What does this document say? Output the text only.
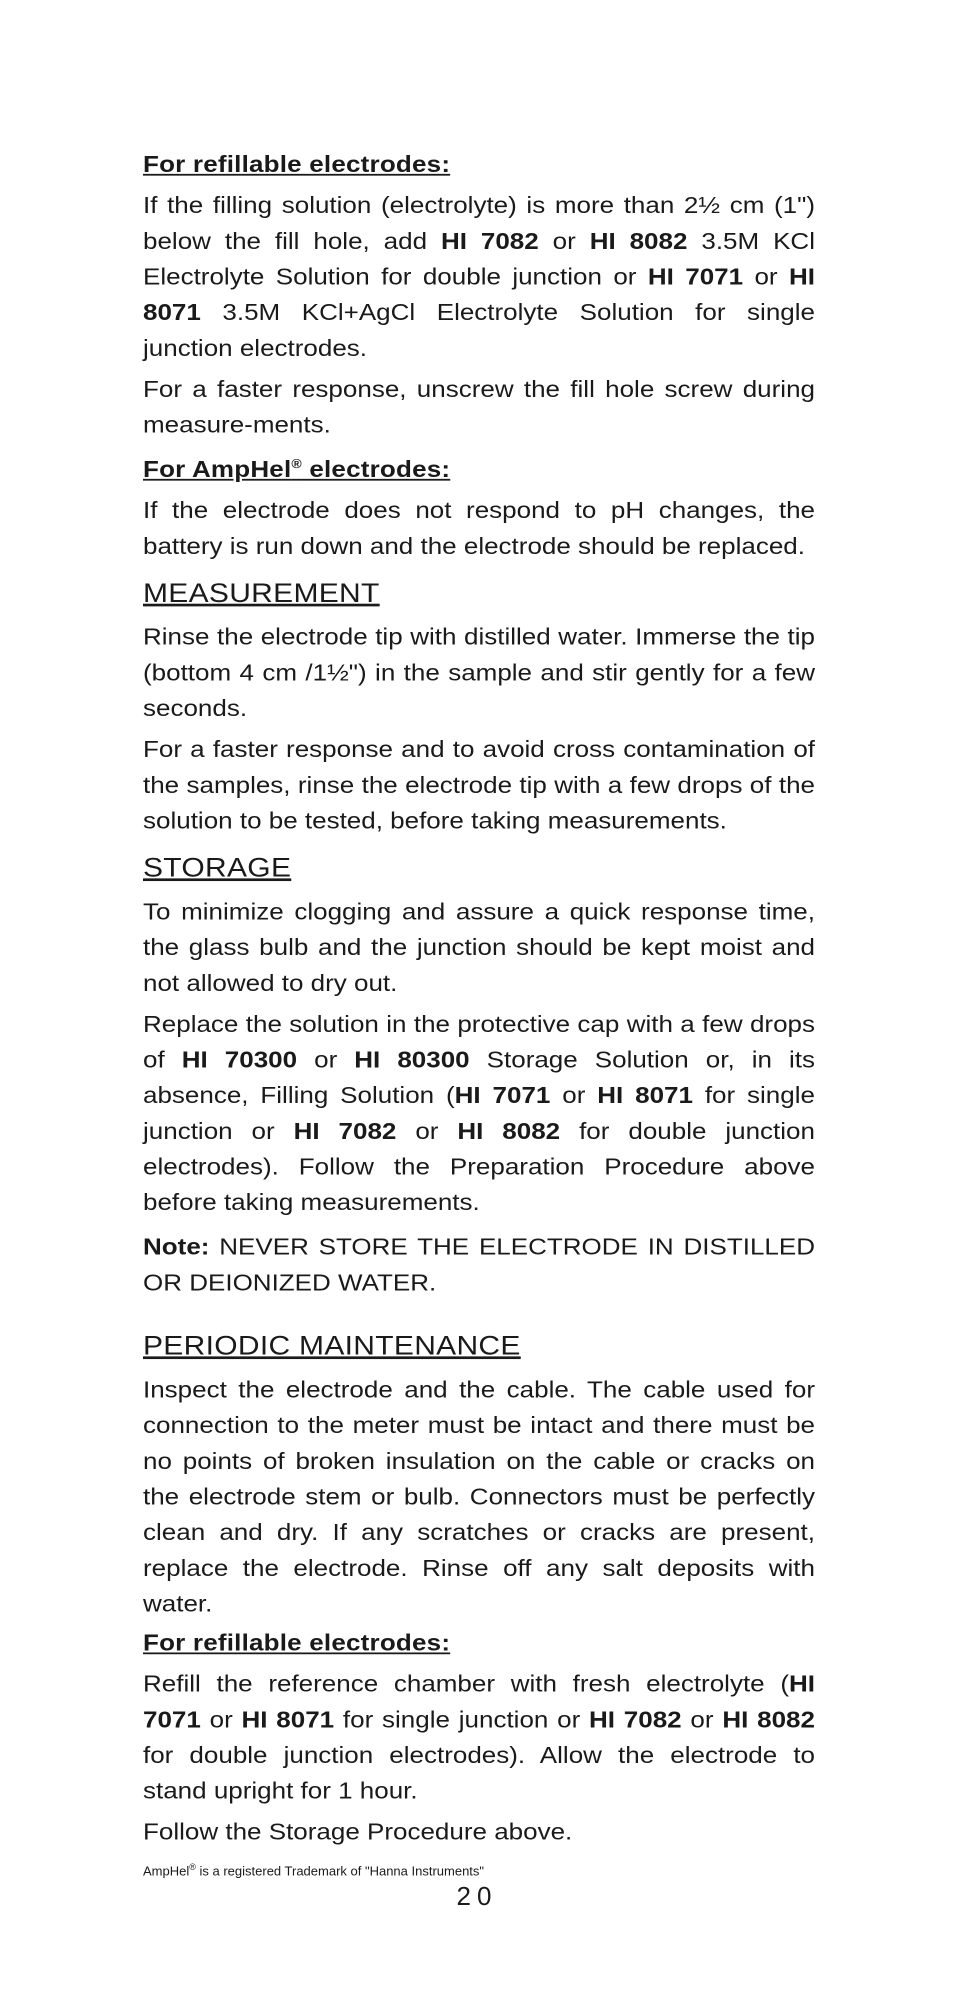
For refillable electrodes:

If the filling solution (electrolyte) is more than 2½ cm (1") below the fill hole, add HI 7082 or HI 8082 3.5M KCl Electrolyte Solution for double junction or HI 7071 or HI 8071 3.5M KCl+AgCl Electrolyte Solution for single junction electrodes.

For a faster response, unscrew the fill hole screw during measure-ments.

For AmpHel® electrodes:

If the electrode does not respond to pH changes, the battery is run down and the electrode should be replaced.

MEASUREMENT

Rinse the electrode tip with distilled water. Immerse the tip (bottom 4 cm /1½") in the sample and stir gently for a few seconds.

For a faster response and to avoid cross contamination of the samples, rinse the electrode tip with a few drops of the solution to be tested, before taking measurements.

STORAGE

To minimize clogging and assure a quick response time, the glass bulb and the junction should be kept moist and not allowed to dry out.

Replace the solution in the protective cap with a few drops of HI 70300 or HI 80300 Storage Solution or, in its absence, Filling Solution (HI 7071 or HI 8071 for single junction or HI 7082 or HI 8082 for double junction electrodes). Follow the Preparation Procedure above before taking measurements.

Note: NEVER STORE THE ELECTRODE IN DISTILLED OR DEIONIZED WATER.

PERIODIC MAINTENANCE

Inspect the electrode and the cable. The cable used for connection to the meter must be intact and there must be no points of broken insulation on the cable or cracks on the electrode stem or bulb. Connectors must be perfectly clean and dry. If any scratches or cracks are present, replace the electrode. Rinse off any salt deposits with water.

For refillable electrodes:

Refill the reference chamber with fresh electrolyte (HI 7071 or HI 8071 for single junction or HI 7082 or HI 8082 for double junction electrodes). Allow the electrode to stand upright for 1 hour.

Follow the Storage Procedure above.

AmpHel® is a registered Trademark of "Hanna Instruments"
20
